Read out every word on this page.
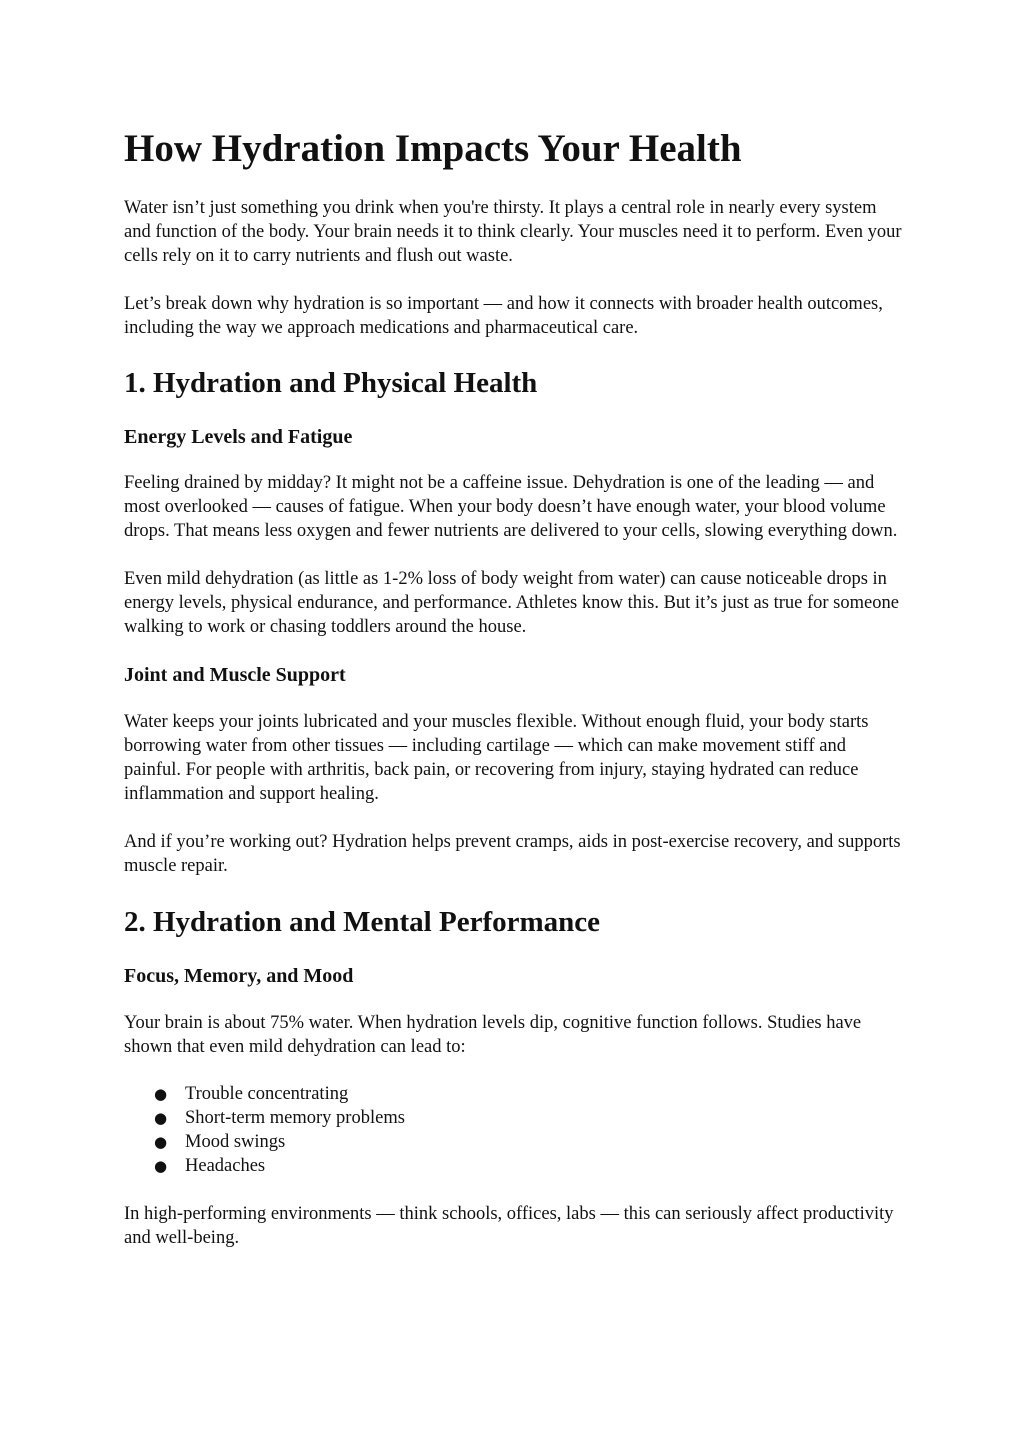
How Hydration Impacts Your Health

Water isn’t just something you drink when you're thirsty. It plays a central role in nearly every system and function of the body. Your brain needs it to think clearly. Your muscles need it to perform. Even your cells rely on it to carry nutrients and flush out waste.

Let’s break down why hydration is so important — and how it connects with broader health outcomes, including the way we approach medications and pharmaceutical care.

1. Hydration and Physical Health
Energy Levels and Fatigue

Feeling drained by midday? It might not be a caffeine issue. Dehydration is one of the leading — and most overlooked — causes of fatigue. When your body doesn’t have enough water, your blood volume drops. That means less oxygen and fewer nutrients are delivered to your cells, slowing everything down.

Even mild dehydration (as little as 1-2% loss of body weight from water) can cause noticeable drops in energy levels, physical endurance, and performance. Athletes know this. But it’s just as true for someone walking to work or chasing toddlers around the house.

Joint and Muscle Support

Water keeps your joints lubricated and your muscles flexible. Without enough fluid, your body starts borrowing water from other tissues — including cartilage — which can make movement stiff and painful. For people with arthritis, back pain, or recovering from injury, staying hydrated can reduce inflammation and support healing.

And if you’re working out? Hydration helps prevent cramps, aids in post-exercise recovery, and supports muscle repair.

2. Hydration and Mental Performance
Focus, Memory, and Mood

Your brain is about 75% water. When hydration levels dip, cognitive function follows. Studies have shown that even mild dehydration can lead to:

● Trouble concentrating
● Short-term memory problems
● Mood swings
● Headaches

In high-performing environments — think schools, offices, labs — this can seriously affect productivity and well-being.
